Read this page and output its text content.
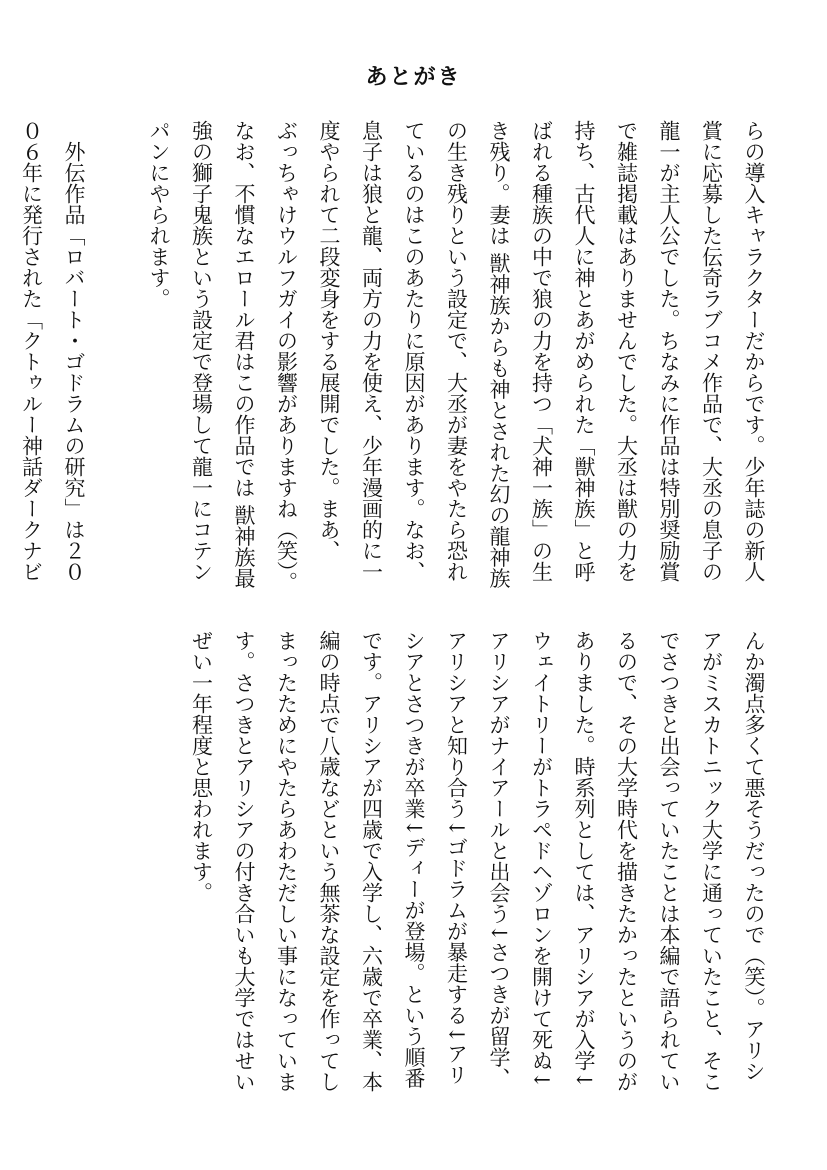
あとがき

らの導入キャラクターだからです。少年誌の新人

賞に応募した伝奇ラブコメ作品で、大丞の息子の

龍一が主人公でした。ちなみに作品は特別奨励賞

で雑誌掲載はありませんでした。大丞は獣の力を

持ち、古代人に神とあがめられた「獣神族」と呼

ばれる種族の中で狼の力を持つ「犬神一族」の生

き残り。妻は 獣神族からも神とされた幻の龍神族

の生き残りという設定で、大丞が妻をやたら恐れ

ているのはこのあたりに原因があります。なお、

息子は狼と龍、両方の力を使え、少年漫画的に一

度やられて二段変身をする展開でした。まあ、

ぶっちゃけウルフガイの影響がありますね（笑）。

なお、不慣なエロール君はこの作品では 獣神族最

強の獅子鬼族という設定で登場して龍一にコテン

パンにやられます。

　外伝作品「ロバート・ゴドラムの研究」は２０

０６年に発行された「クトゥルー神話ダークナビ

んか濁点多くて悪そうだったので（笑）。アリシ

アがミスカトニック大学に通っていたこと、そこ

でさつきと出会っていたことは本編で語られてい

るので、その大学時代を描きたかったというのが

ありました。時系列としては、アリシアが入学↓

ウェイトリーがトラペドヘゾロンを開けて死ぬ↓

アリシアがナイアールと出会う↓さつきが留学、

アリシアと知り合う↓ゴドラムが暴走する↓アリ

シアとさつきが卒業↓ディーが登場。という順番

です。アリシアが四歳で入学し、六歳で卒業、本

編の時点で八歳などという無茶な設定を作ってし

まったためにやたらあわただしい事になっていま

す。さつきとアリシアの付き合いも大学ではせい

ぜい一年程度と思われます。
